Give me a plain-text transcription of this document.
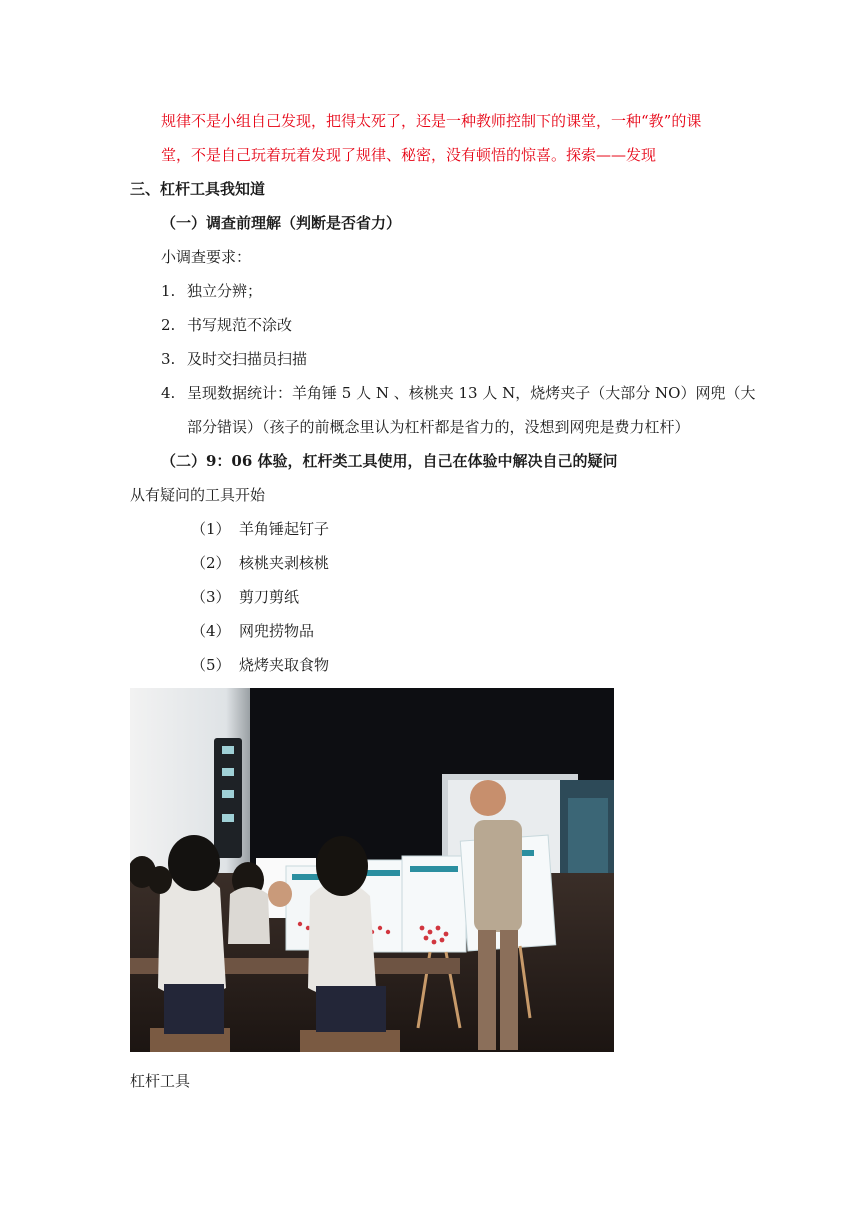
规律不是小组自己发现，把得太死了，还是一种教师控制下的课堂，一种“教”的课
堂，不是自己玩着玩着发现了规律、秘密，没有顿悟的惊喜。探索——发现
三、杠杆工具我知道
（一）调查前理解（判断是否省力）
小调查要求：
1. 独立分辨；
2. 书写规范不涂改
3. 及时交扫描员扫描
4. 呈现数据统计：羊角锤 5 人 N 、核桃夹 13 人 N，烧烤夹子（大部分 NO）网兜（大
部分错误）（孩子的前概念里认为杠杆都是省力的，没想到网兜是费力杠杆）
（二）9：06 体验，杠杆类工具使用，自己在体验中解决自己的疑问
从有疑问的工具开始
（1） 羊角锤起钉子
（2） 核桃夹剥核桃
（3） 剪刀剪纸
（4） 网兜捞物品
（5） 烧烤夹取食物
杠杆工具
